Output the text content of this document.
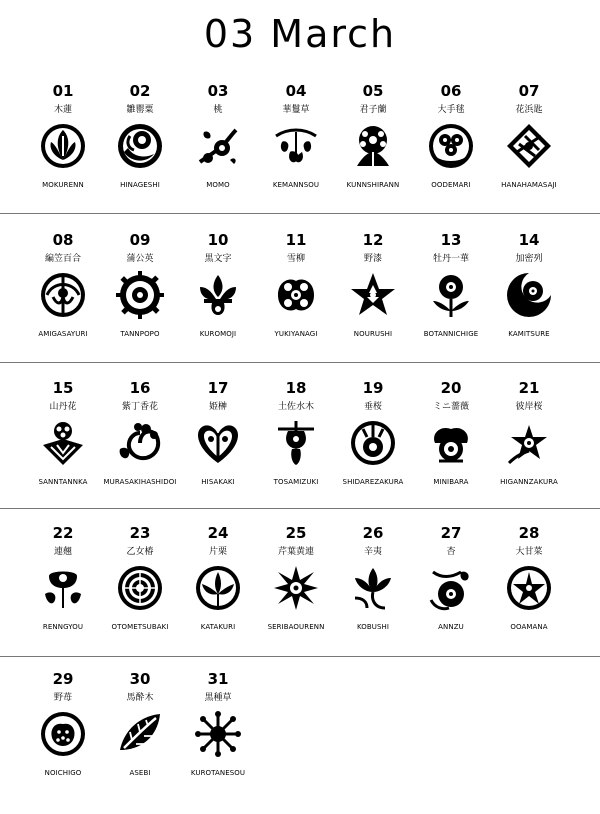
03 March
01
木蓮
MOKURENN
02
雛罌粟
HINAGESHI
03
桃
MOMO
04
華鬘草
KEMANNSOU
05
君子蘭
KUNNSHIRANN
06
大手毬
OODEMARI
07
花浜匙
HANAHAMASAJI
08
編笠百合
AMIGASAYURI
09
蒲公英
TANNPOPO
10
黒文字
KUROMOJI
11
雪柳
YUKIYANAGI
12
野漆
NOURUSHI
13
牡丹一華
BOTANNICHIGE
14
加密列
KAMITSURE
15
山丹花
SANNTANNKA
16
紫丁香花
MURASAKIHASHIDOI
17
姫榊
HISAKAKI
18
土佐水木
TOSAMIZUKI
19
垂桜
SHIDAREZAKURA
20
ミニ薔薇
MINIBARA
21
彼岸桜
HIGANNZAKURA
22
連翹
RENNGYOU
23
乙女椿
OTOMETSUBAKI
24
片栗
KATAKURI
25
芹葉黄連
SERIBAOURENN
26
辛夷
KOBUSHI
27
杏
ANNZU
28
大甘菜
OOAMANA
29
野苺
NOICHIGO
30
馬酔木
ASEBI
31
黒種草
KUROTANESOU
